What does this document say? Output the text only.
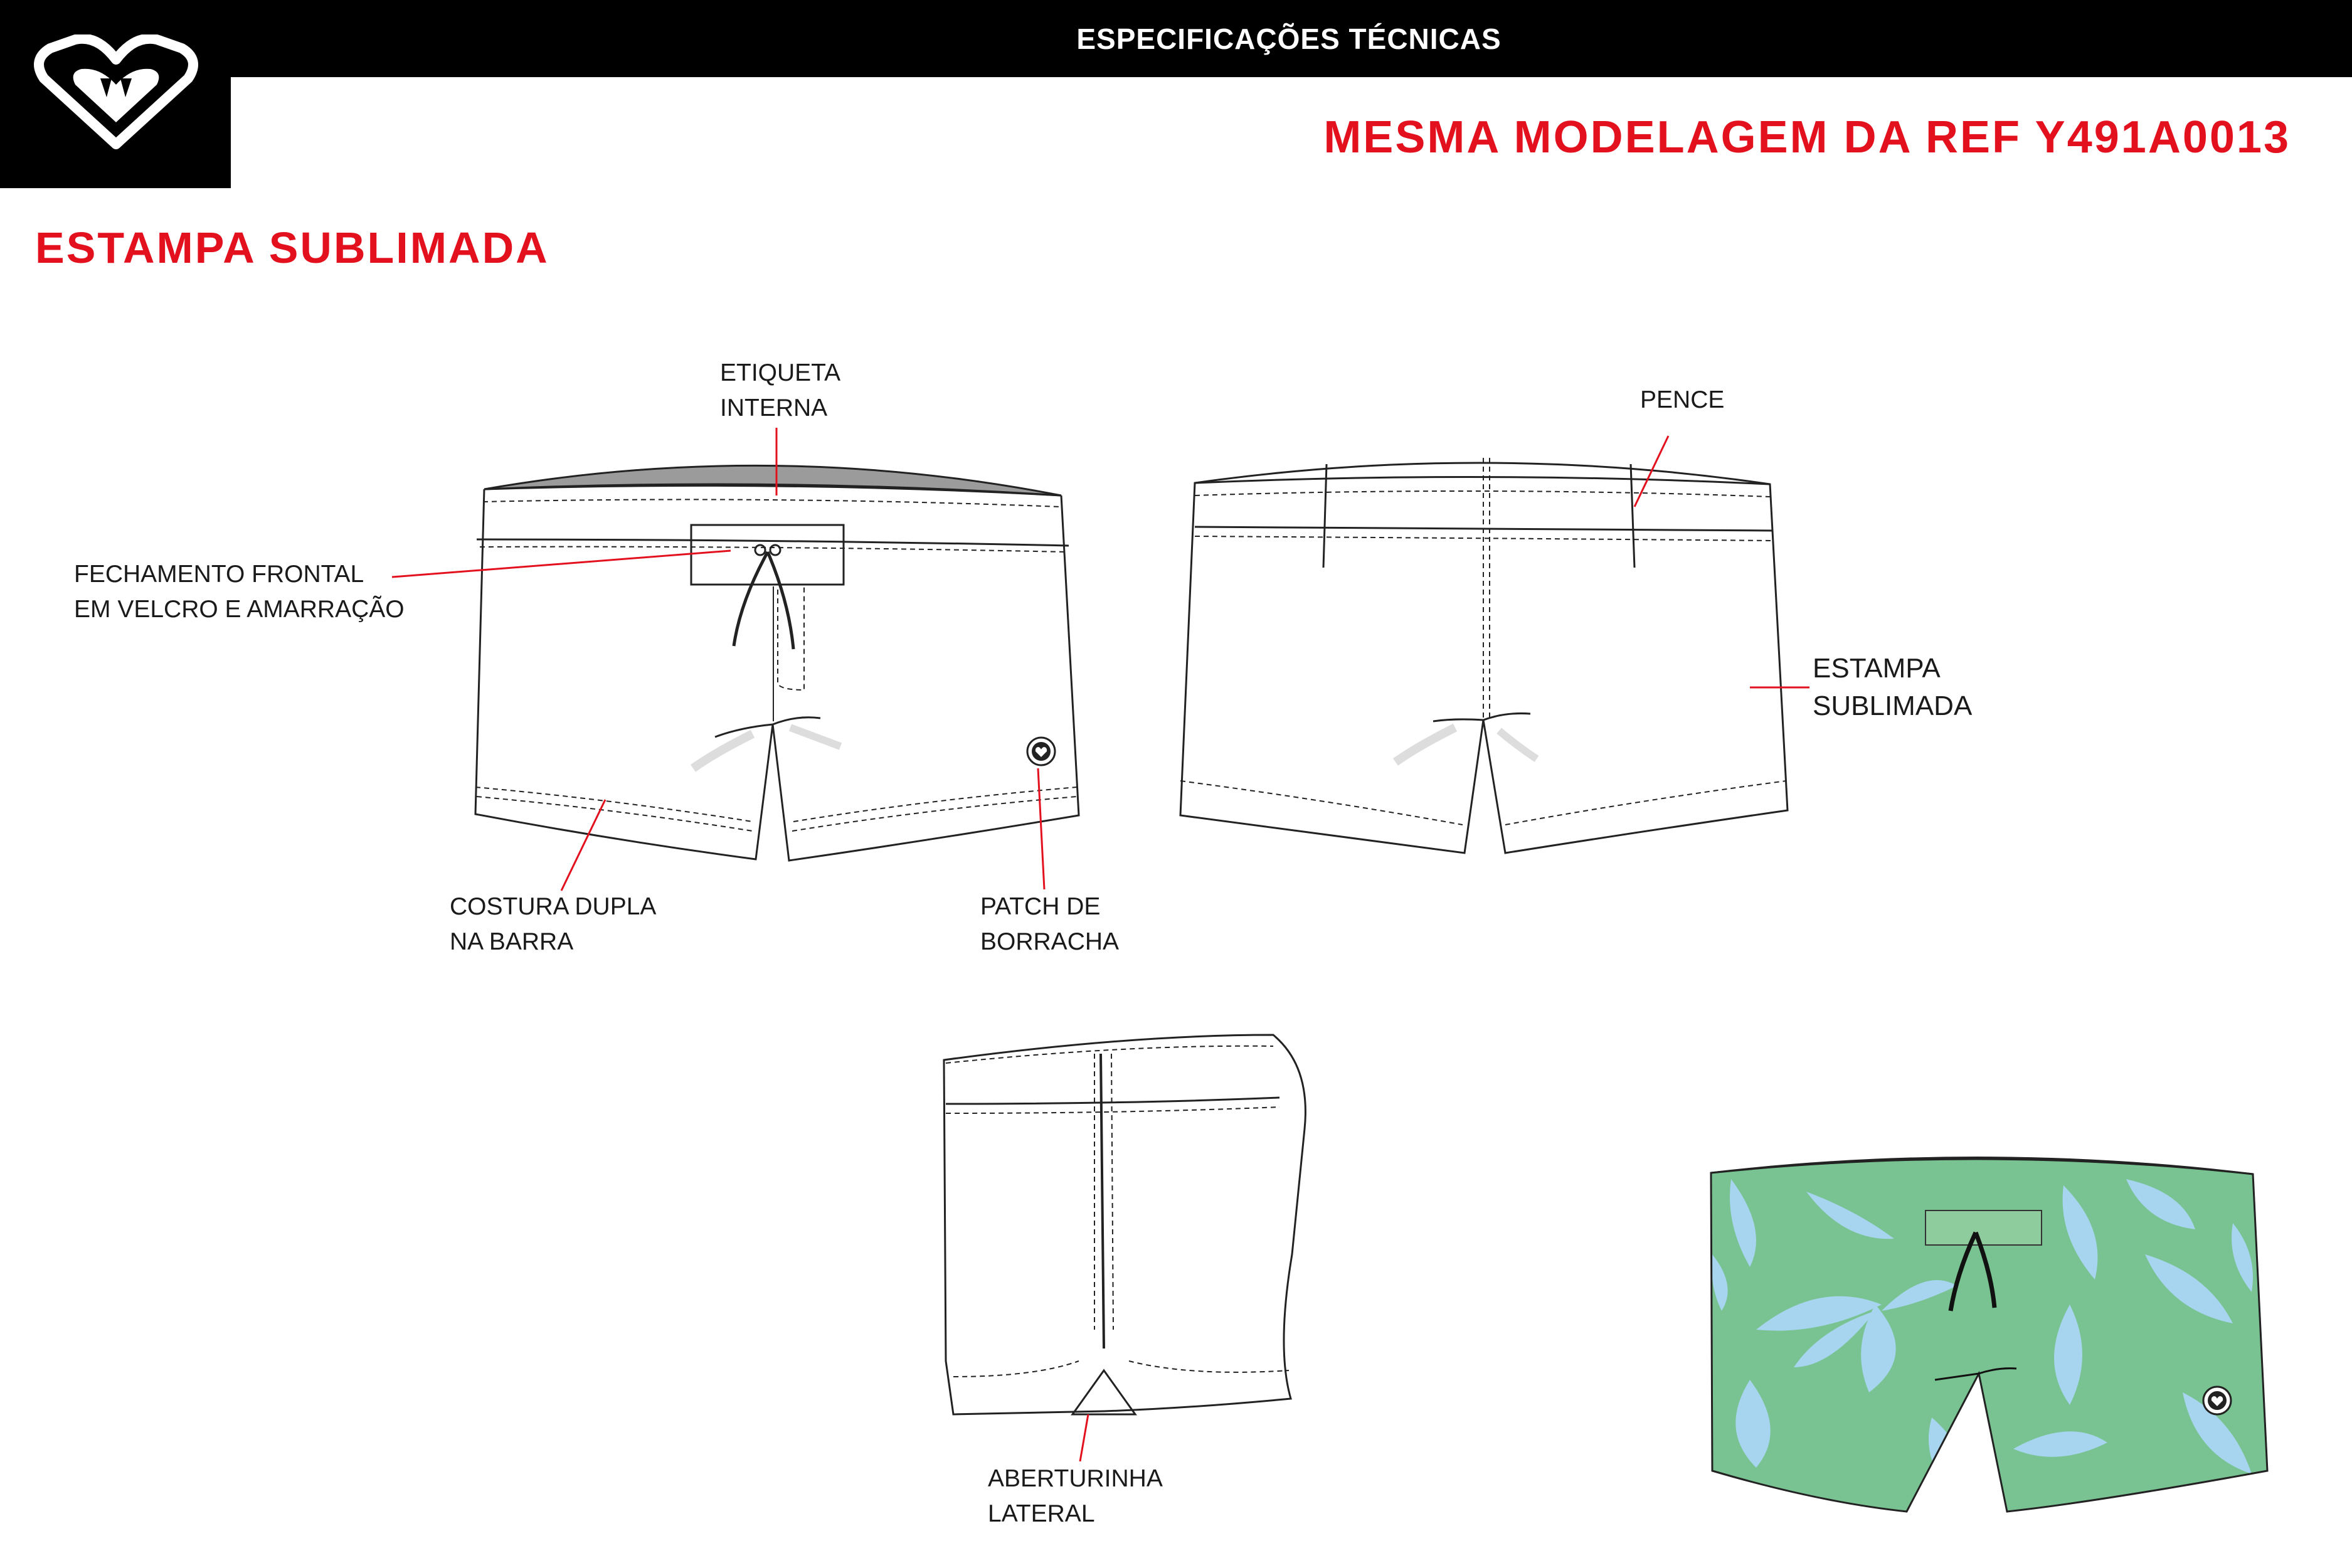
ESPECIFICAÇÕES TÉCNICAS
MESMA MODELAGEM DA REF Y491A0013
ESTAMPA SUBLIMADA
ETIQUETA
INTERNA
FECHAMENTO FRONTAL
EM VELCRO E AMARRAÇÃO
COSTURA DUPLA
NA BARRA
PATCH DE
BORRACHA
PENCE
ESTAMPA
SUBLIMADA
ABERTURINHA
LATERAL
